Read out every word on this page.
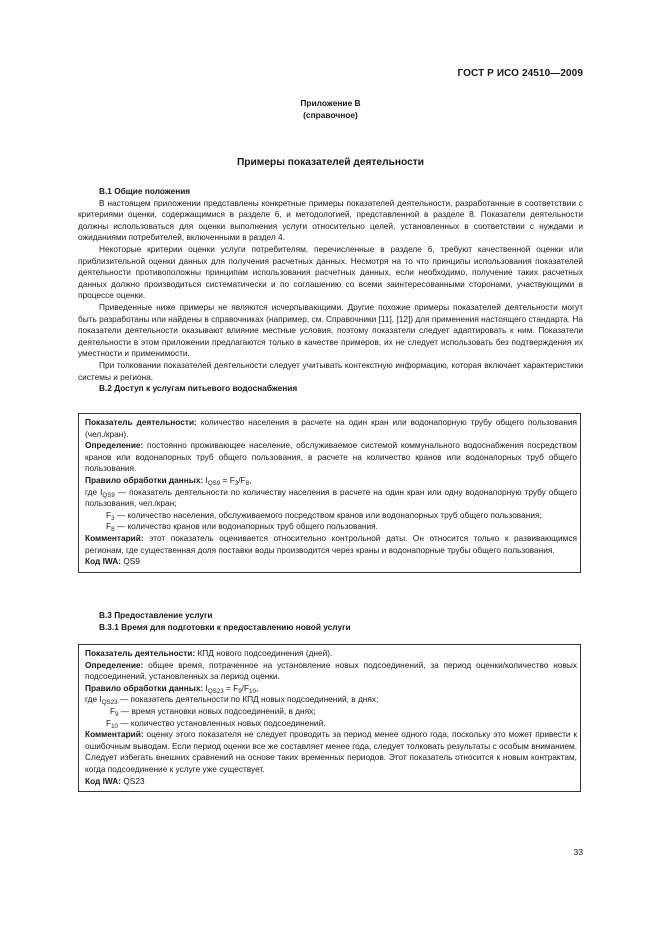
ГОСТ Р ИСО 24510—2009
Приложение В
(справочное)
Примеры показателей деятельности

В.1 Общие положения

В настоящем приложении представлены конкретные примеры показателей деятельности, разработанные в соответствии с критериями оценки, содержащимися в разделе 6, и методологией, представленной в разделе 8. Показатели деятельности должны использоваться для оценки выполнения услуги относительно целей, установленных в соответствии с нуждами и ожиданиями потребителей, включенными в раздел 4.

Некоторые критерии оценки услуги потребителям, перечисленные в разделе 6, требуют качественной оценки или приблизительной оценки данных для получения расчетных данных. Несмотря на то что принципы использования показателей деятельности противоположны принципам использования расчетных данных, если необходимо, получение таких расчетных данных должно производиться систематически и по соглашению со всеми заинтересованными сторонами, участвующими в процессе оценки.

Приведенные ниже примеры не являются исчерпывающими. Другие похожие примеры показателей деятельности могут быть разработаны или найдены в справочниках (например, см. Справочники [11], [12]) для применения настоящего стандарта. На показатели деятельности оказывают влияние местные условия, поэтому показатели следует адаптировать к ним. Показатели деятельности в этом приложении предлагаются только в качестве примеров, их не следует использовать без подтверждения их уместности и применимости.

При толковании показателей деятельности следует учитывать контекстную информацию, которая включает характеристики системы и региона.

В.2 Доступ к услугам питьевого водоснабжения

Показатель деятельности: количество населения в расчете на один кран или водонапорную трубу общего пользования (чел./кран).

Определение: постоянно проживающее население, обслуживаемое системой коммунального водоснабжения посредством кранов или водонапорных труб общего пользования, в расчете на количество кранов или водонапорных труб общего пользования.

Правило обработки данных: $I_{QS9} = F_3/F_8$,

где $I_{QS9}$ — показатель деятельности по количеству населения в расчете на один кран или одну водонапорную трубу общего пользования, чел./кран;

$F_3$ — количество населения, обслуживаемого посредством кранов или водонапорных труб общего пользования;

$F_8$ — количество кранов или водонапорных труб общего пользования.

Комментарий: этот показатель оценивается относительно контрольной даты. Он относится только к развивающимся регионам, где существенная доля поставки воды производится через краны и водонапорные трубы общего пользования.

Код IWA: QS9

В.3 Предоставление услуги

В.3.1 Время для подготовки к предоставлению новой услуги

Показатель деятельности: КПД нового подсоединения (дней).

Определение: общее время, потраченное на установление новых подсоединений, за период оценки/количество новых подсоединений, установленных за период оценки.

Правило обработки данных: $I_{QS23} = F_9/F_{10}$,

где $I_{QS23}$ — показатель деятельности по КПД новых подсоединений, в днях;

$F_9$ — время установки новых подсоединений, в днях;

$F_{10}$ — количество установленных новых подсоединений.

Комментарий: оценку этого показателя не следует проводить за период менее одного года, поскольку это может привести к ошибочным выводам. Если период оценки все же составляет менее года, следует толковать результаты с особым вниманием. Следует избегать внешних сравнений на основе таких временных периодов. Этот показатель относится к новым контрактам, когда подсоединение к услуге уже существует.

Код IWA: QS23

33
